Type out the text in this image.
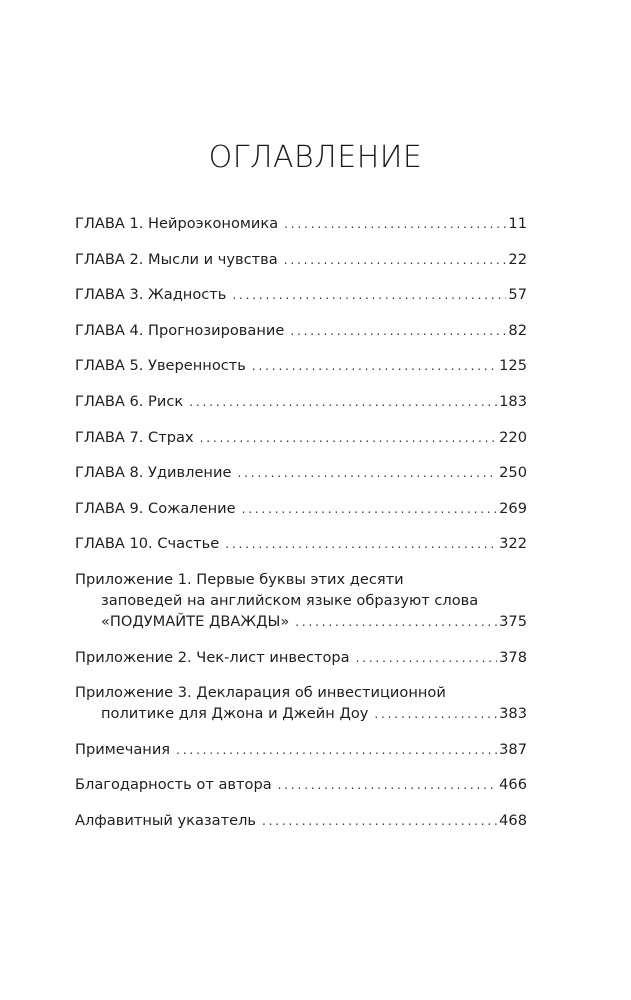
ОГЛАВЛЕНИЕ
ГЛАВА 1. Нейроэкономика . . .	11
ГЛАВА 2. Мысли и чувства . . .	22
ГЛАВА 3. Жадность . . .	57
ГЛАВА 4. Прогнозирование . . .	82
ГЛАВА 5. Уверенность . . .	125
ГЛАВА 6. Риск . . .	183
ГЛАВА 7. Страх . . .	220
ГЛАВА 8. Удивление . . .	250
ГЛАВА 9. Сожаление . . .	269
ГЛАВА 10. Счастье . . .	322
Приложение 1. Первые буквы этих десяти
заповедей на английском языке образуют слова
«ПОДУМАЙТЕ ДВАЖДЫ» . . .	375
Приложение 2. Чек-лист инвестора . . .	378
Приложение 3. Декларация об инвестиционной
политике для Джона и Джейн Доу . . .	383
Примечания . . .	387
Благодарность от автора . . .	466
Алфавитный указатель . . .	468
